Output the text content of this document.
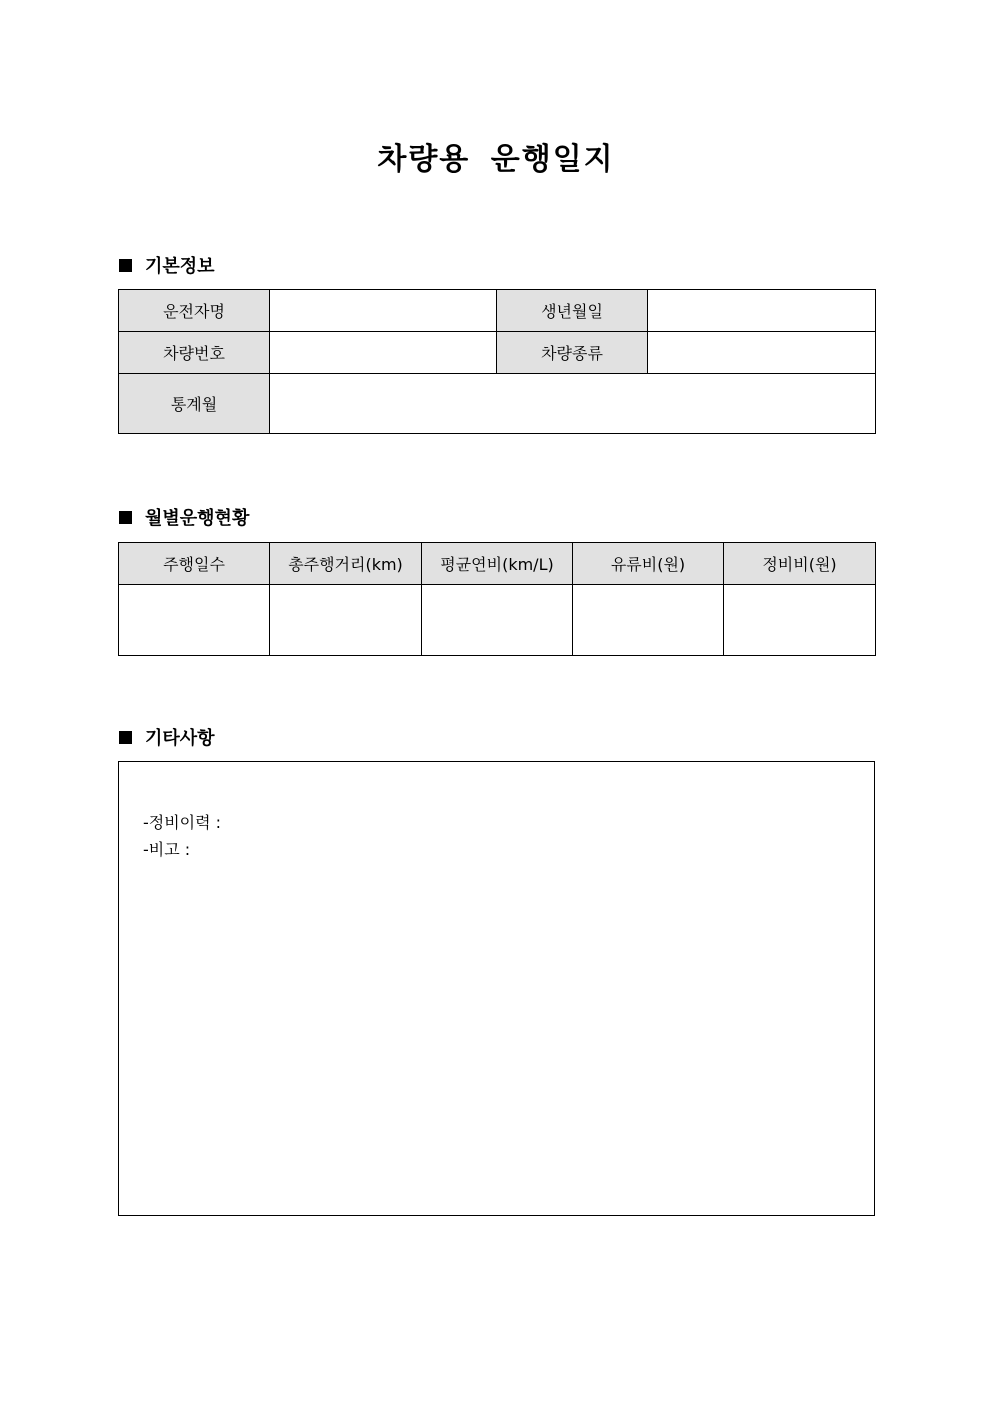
차량용 운행일지
기본정보
운전자명		생년월일	
차량번호		차량종류	
통계월			
월별운행현황
주행일수	총주행거리(km)	평균연비(km/L)	유류비(원)	정비비(원)

기타사항
-정비이력 :
-비고 :
